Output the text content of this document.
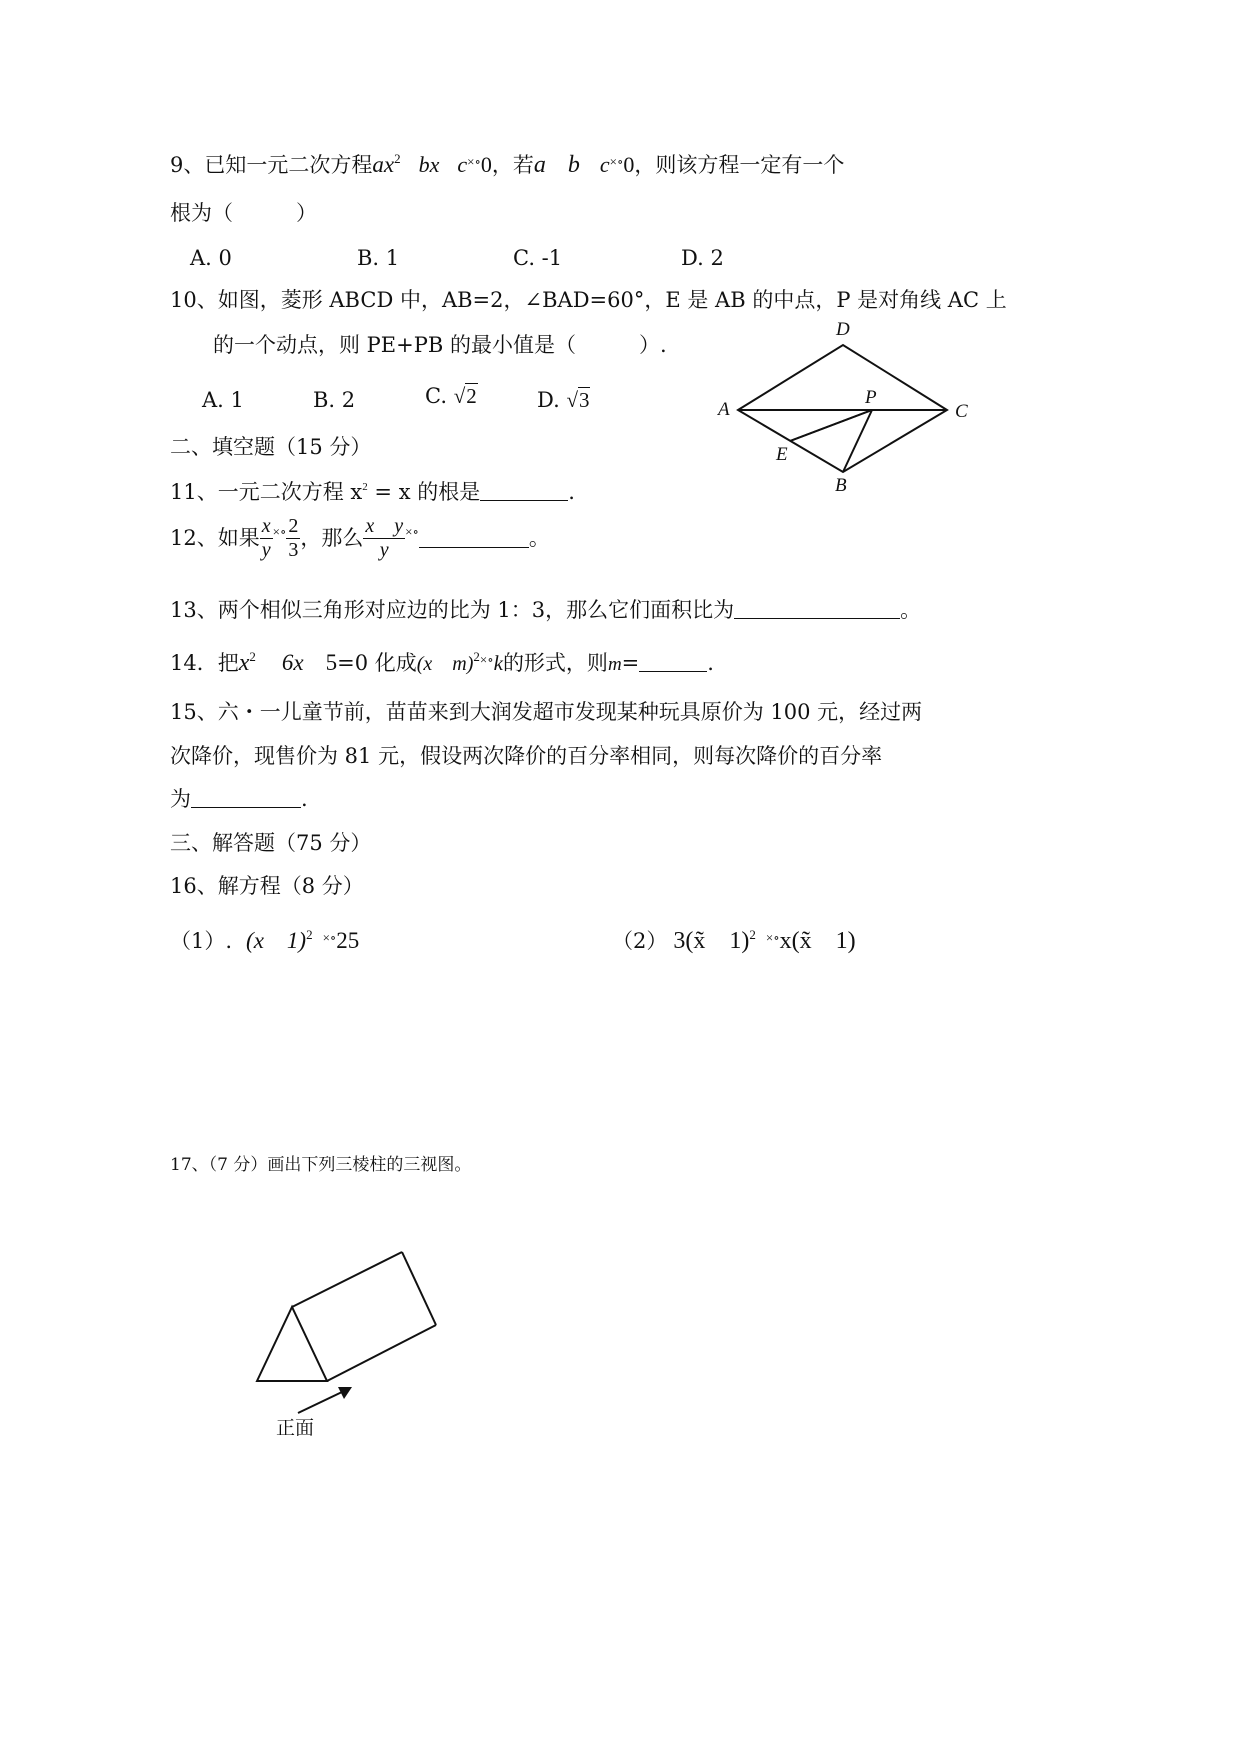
9、已知一元二次方程$ax^2$ bx c×∘0，若a b c×∘0，则该方程一定有一个
根为（　　　）
A. 0	B. 1	C. -1	D. 2
10、如图，菱形 ABCD 中，AB=2，∠BAD=60°，E 是 AB 的中点，P 是对角线 AC 上
的一个动点，则 PE+PB 的最小值是（　　　）.
A. 1	B. 2	C. √2	D. √3	A
D
C
B
E
P
二、填空题（15 分）
11、一元二次方程 $x^2 = x$ 的根是	.
12、如果 $\frac{x}{y} ^{\times\circ} \frac{2}{3}$ ，那么 $\frac{\text{x　y}}{y} ^{\times\circ}$	。
13、两个相似三角形对应边的比为 1：3，那么它们面积比为	。
14．把$x^2$ 6x 5=0 化成(x　m)$^{2\times\circ}$k的形式，则m=	.
15、六・一儿童节前，苗苗来到大润发超市发现某种玩具原价为 100 元，经过两
次降价，现售价为 81 元，假设两次降价的百分率相同，则每次降价的百分率
为	.
三、解答题（75 分）
16、解方程（8 分）
（1）. (x　1)$^2$ ×∘25	（2） 3(x̃　1)$^2$ ×∘x(x̃　1)
17、（7 分）画出下列三棱柱的三视图。
正面
